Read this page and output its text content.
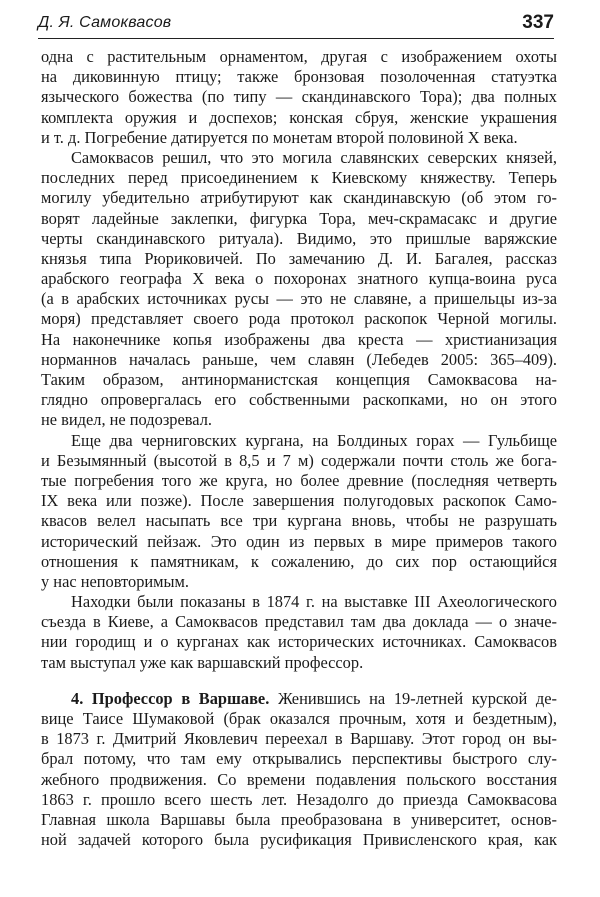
Д. Я. Самоквасов	337
одна с растительным орнаментом, другая с изображением охоты
на диковинную птицу; также бронзовая позолоченная статуэтка
языческого божества (по типу — скандинавского Тора); два полных
комплекта оружия и доспехов; конская сбруя, женские украшения
и т. д. Погребение датируется по монетам второй половиной X века.
Самоквасов решил, что это могила славянских северских князей,
последних перед присоединением к Киевскому княжеству. Теперь
могилу убедительно атрибутируют как скандинавскую (об этом го-
ворят ладейные заклепки, фигурка Тора, меч-скрамасакс и другие
черты скандинавского ритуала). Видимо, это пришлые варяжские
князья типа Рюриковичей. По замечанию Д. И. Багалея, рассказ
арабского географа X века о похоронах знатного купца-воина руса
(а в арабских источниках русы — это не славяне, а пришельцы из-за
моря) представляет своего рода протокол раскопок Черной могилы.
На наконечнике копья изображены два креста — христианизация
норманнов началась раньше, чем славян (Лебедев 2005: 365–409).
Таким образом, антинорманистская концепция Самоквасова на-
глядно опровергалась его собственными раскопками, но он этого
не видел, не подозревал.
Еще два черниговских кургана, на Болдиных горах — Гульбище
и Безымянный (высотой в 8,5 и 7 м) содержали почти столь же бога-
тые погребения того же круга, но более древние (последняя четверть
IX века или позже). После завершения полугодовых раскопок Само-
квасов велел насыпать все три кургана вновь, чтобы не разрушать
исторический пейзаж. Это один из первых в мире примеров такого
отношения к памятникам, к сожалению, до сих пор остающийся
у нас неповторимым.
Находки были показаны в 1874 г. на выставке III Ахеологического
съезда в Киеве, а Самоквасов представил там два доклада — о значе-
нии городищ и о курганах как исторических источниках. Самоквасов
там выступал уже как варшавский профессор.
4. Профессор в Варшаве. Женившись на 19-летней курской де-
вице Таисе Шумаковой (брак оказался прочным, хотя и бездетным),
в 1873 г. Дмитрий Яковлевич переехал в Варшаву. Этот город он вы-
брал потому, что там ему открывались перспективы быстрого слу-
жебного продвижения. Со времени подавления польского восстания
1863 г. прошло всего шесть лет. Незадолго до приезда Самоквасова
Главная школа Варшавы была преобразована в университет, основ-
ной задачей которого была русификация Привисленского края, как
